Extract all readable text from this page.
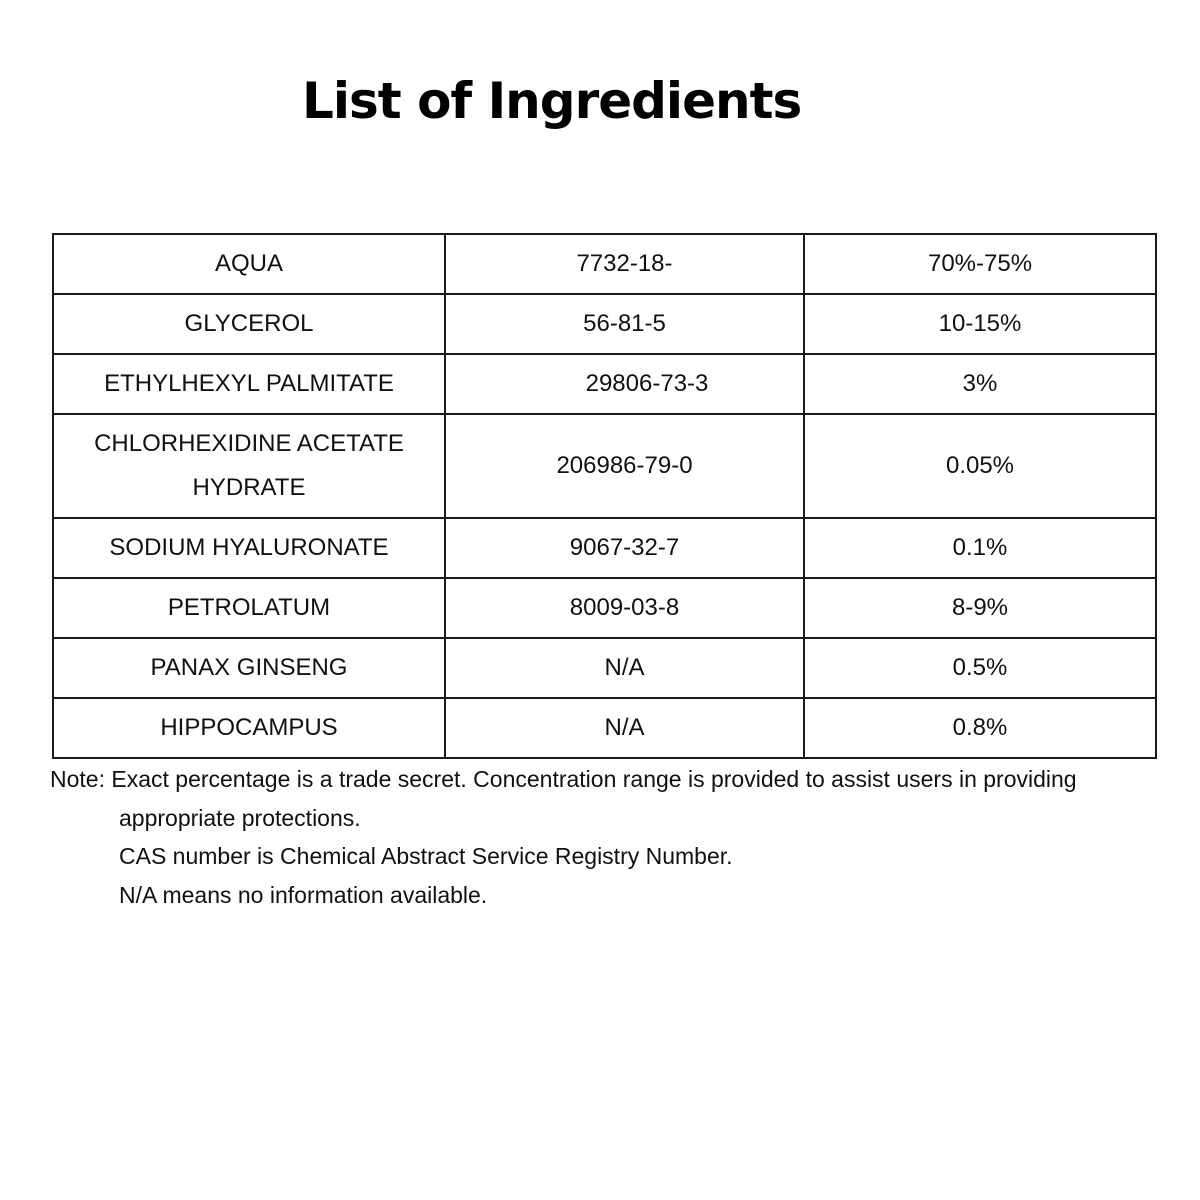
List of Ingredients
AQUA	7732-18-	70%-75%
GLYCEROL	56-81-5	10-15%
ETHYLHEXYL PALMITATE	29806-73-3	3%

CHLORHEXIDINE ACETATE
HYDRATE	206986-79-0	0.05%
SODIUM HYALURONATE	9067-32-7	0.1%
PETROLATUM	8009-03-8	8-9%
PANAX GINSENG	N/A	0.5%
HIPPOCAMPUS	N/A	0.8%
Note: Exact percentage is a trade secret. Concentration range is provided to assist users in providing
appropriate protections.
CAS number is Chemical Abstract Service Registry Number.
N/A means no information available.
